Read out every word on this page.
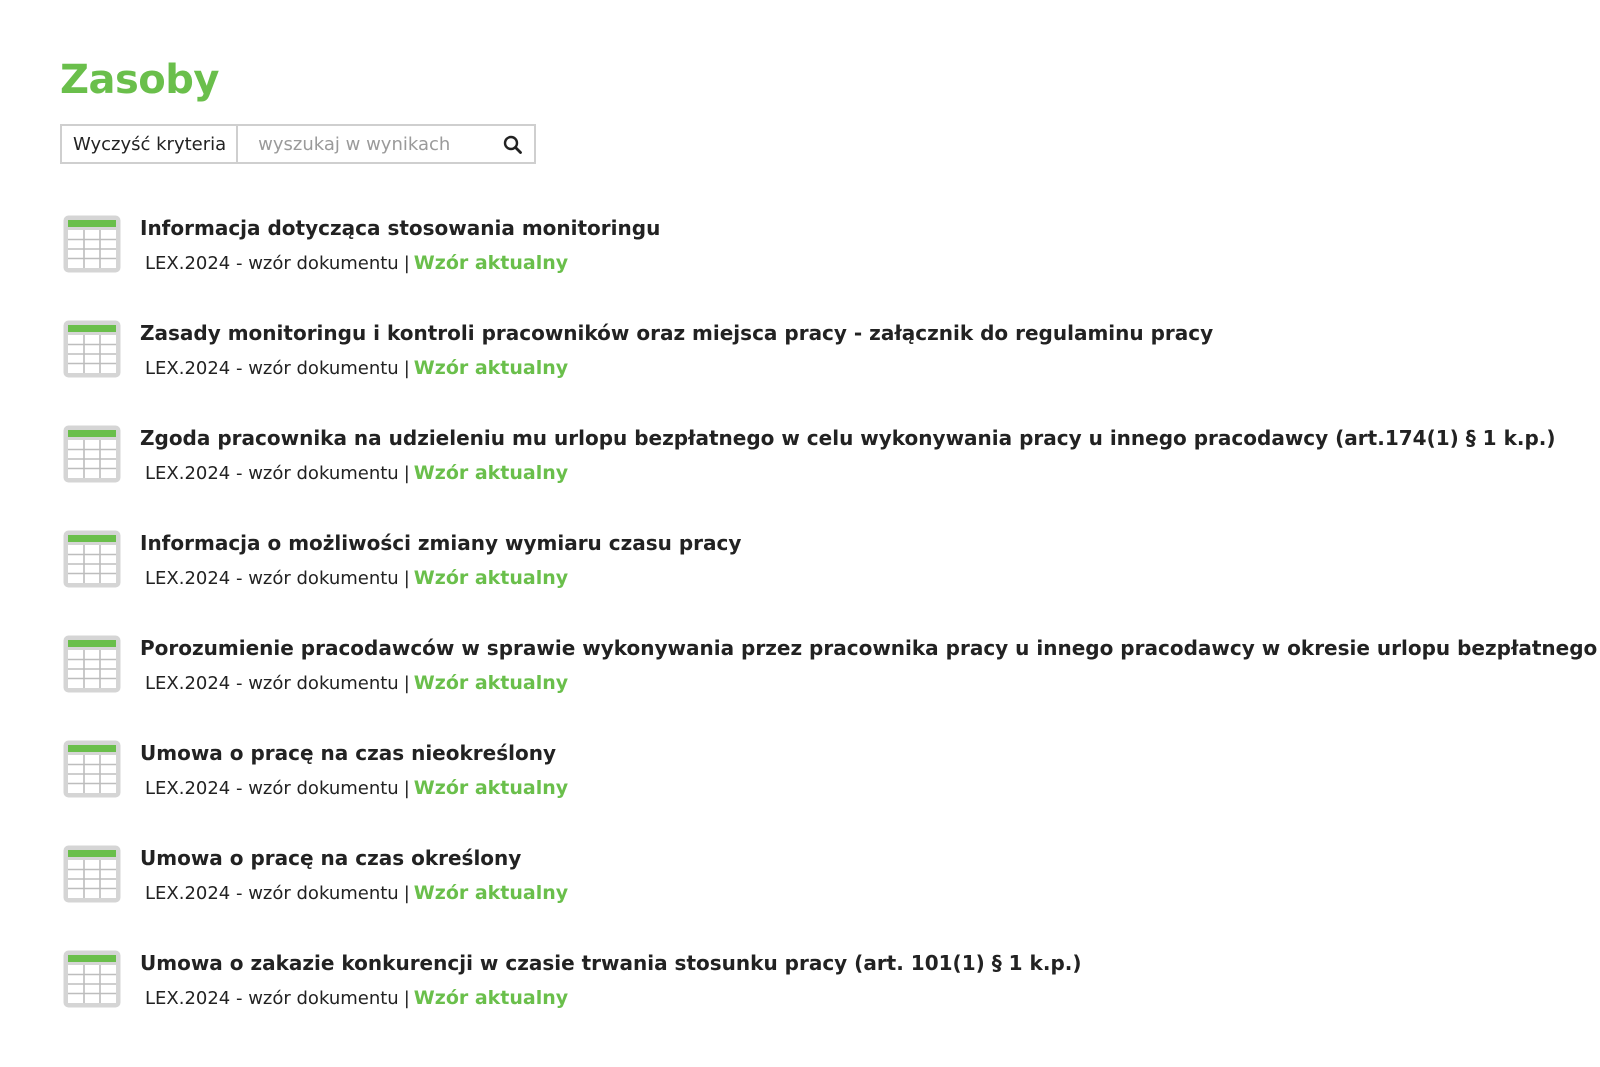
Zasoby
Wyczyść kryteria
wyszukaj w wynikach
Informacja dotycząca stosowania monitoringu
LEX.2024 - wzór dokumentu | Wzór aktualny
Zasady monitoringu i kontroli pracowników oraz miejsca pracy - załącznik do regulaminu pracy
LEX.2024 - wzór dokumentu | Wzór aktualny
Zgoda pracownika na udzieleniu mu urlopu bezpłatnego w celu wykonywania pracy u innego pracodawcy (art.174(1) § 1 k.p.)
LEX.2024 - wzór dokumentu | Wzór aktualny
Informacja o możliwości zmiany wymiaru czasu pracy
LEX.2024 - wzór dokumentu | Wzór aktualny
Porozumienie pracodawców w sprawie wykonywania przez pracownika pracy u innego pracodawcy w okresie urlopu bezpłatnego
LEX.2024 - wzór dokumentu | Wzór aktualny
Umowa o pracę na czas nieokreślony
LEX.2024 - wzór dokumentu | Wzór aktualny
Umowa o pracę na czas określony
LEX.2024 - wzór dokumentu | Wzór aktualny
Umowa o zakazie konkurencji w czasie trwania stosunku pracy (art. 101(1) § 1 k.p.)
LEX.2024 - wzór dokumentu | Wzór aktualny
